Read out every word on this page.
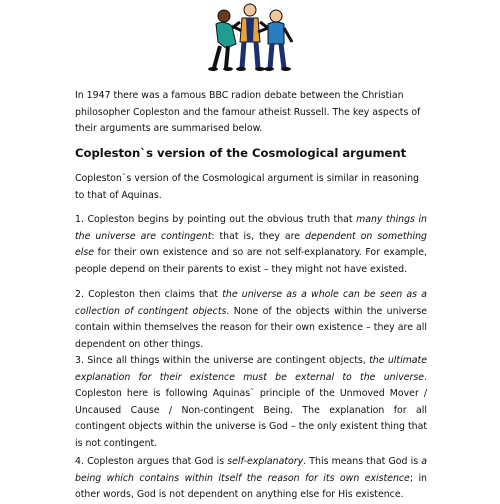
In 1947 there was a famous BBC radion debate between the Christian philosopher Copleston and the famour atheist Russell. The key aspects of their arguments are summarised below.

Copleston`s version of the Cosmological argument

Copleston`s version of the Cosmological argument is similar in reasoning to that of Aquinas.

1. Copleston begins by pointing out the obvious truth that many things in the universe are contingent: that is, they are dependent on something else for their own existence and so are not self-explanatory. For example, people depend on their parents to exist – they might not have existed.

2. Copleston then claims that the universe as a whole can be seen as a collection of contingent objects. None of the objects within the universe contain within themselves the reason for their own existence – they are all dependent on other things.

3. Since all things within the universe are contingent objects, the ultimate explanation for their existence must be external to the universe. Copleston here is following Aquinas` principle of the Unmoved Mover / Uncaused Cause / Non-contingent Being. The explanation for all contingent objects within the universe is God – the only existent thing that is not contingent.

4. Copleston argues that God is self-explanatory. This means that God is a being which contains within itself the reason for its own existence; in other words, God is not dependent on anything else for His existence.
